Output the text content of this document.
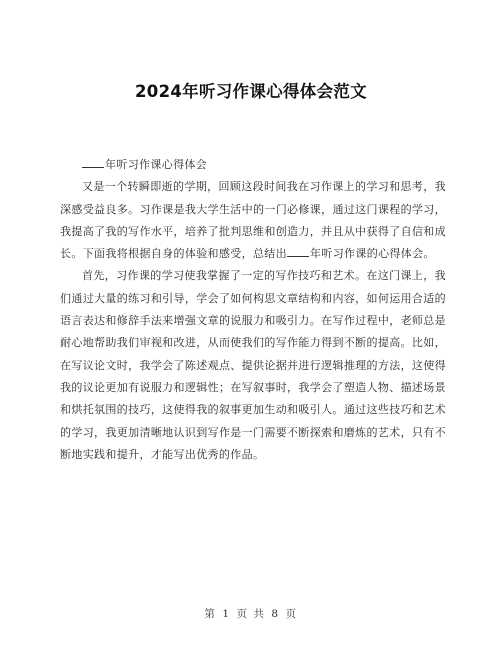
2024年听习作课心得体会范文

年听习作课心得体会

又是一个转瞬即逝的学期，回顾这段时间我在习作课上的学习和思考，我深感受益良多。习作课是我大学生活中的一门必修课，通过这门课程的学习，我提高了我的写作水平，培养了批判思维和创造力，并且从中获得了自信和成长。下面我将根据自身的体验和感受，总结出 年听习作课的心得体会。

首先，习作课的学习使我掌握了一定的写作技巧和艺术。在这门课上，我们通过大量的练习和引导，学会了如何构思文章结构和内容，如何运用合适的语言表达和修辞手法来增强文章的说服力和吸引力。在写作过程中，老师总是耐心地帮助我们审视和改进，从而使我们的写作能力得到不断的提高。比如，在写议论文时，我学会了陈述观点、提供论据并进行逻辑推理的方法，这使得我的议论更加有说服力和逻辑性；在写叙事时，我学会了塑造人物、描述场景和烘托氛围的技巧，这使得我的叙事更加生动和吸引人。通过这些技巧和艺术的学习，我更加清晰地认识到写作是一门需要不断探索和磨炼的艺术，只有不断地实践和提升，才能写出优秀的作品。

第 1 页 共 8 页
